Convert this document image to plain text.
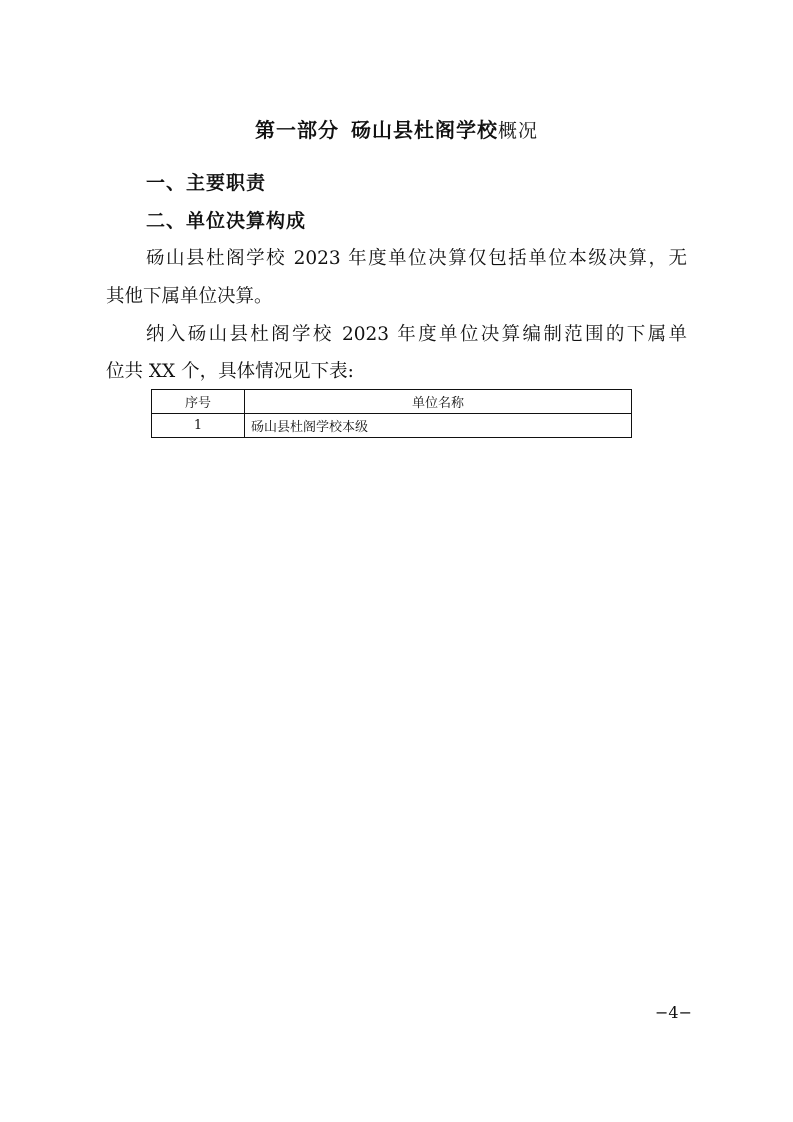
第一部分 砀山县杜阁学校概况
一、主要职责
二、单位决算构成
砀山县杜阁学校 2023 年度单位决算仅包括单位本级决算，无
其他下属单位决算。
纳入砀山县杜阁学校 2023 年度单位决算编制范围的下属单
位共 XX 个，具体情况见下表:
序号	单位名称
1	砀山县杜阁学校本级
−4−
